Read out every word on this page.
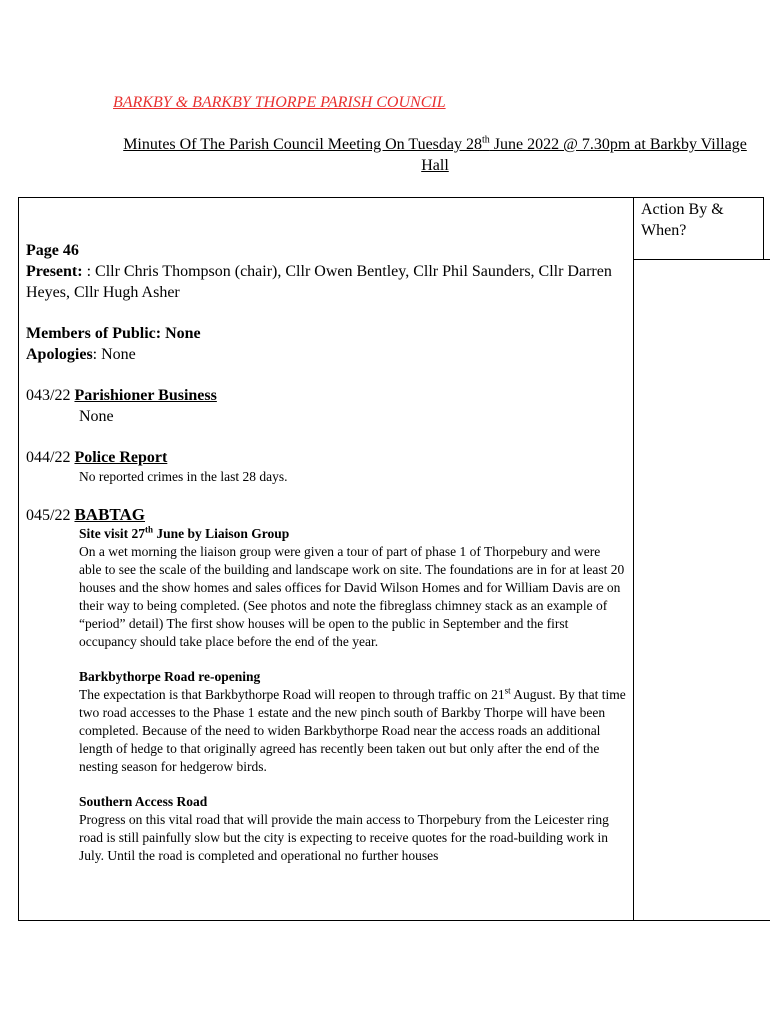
BARKBY & BARKBY THORPE PARISH COUNCIL
Minutes Of The Parish Council Meeting On Tuesday 28th June 2022 @ 7.30pm at Barkby Village Hall
Action By & When?

Page 46

Present: : Cllr Chris Thompson (chair), Cllr Owen Bentley, Cllr Phil Saunders, Cllr Darren Heyes, Cllr Hugh Asher

Members of Public: None

Apologies: None

043/22 Parishioner Business

None

044/22 Police Report

No reported crimes in the last 28 days.

045/22 BABTAG

Site visit 27th June by Liaison Group

On a wet morning the liaison group were given a tour of part of phase 1 of Thorpebury and were able to see the scale of the building and landscape work on site. The foundations are in for at least 20 houses and the show homes and sales offices for David Wilson Homes and for William Davis are on their way to being completed. (See photos and note the fibreglass chimney stack as an example of “period” detail) The first show houses will be open to the public in September and the first occupancy should take place before the end of the year.

Barkbythorpe Road re-opening

The expectation is that Barkbythorpe Road will reopen to through traffic on 21st August. By that time two road accesses to the Phase 1 estate and the new pinch south of Barkby Thorpe will have been completed. Because of the need to widen Barkbythorpe Road near the access roads an additional length of hedge to that originally agreed has recently been taken out but only after the end of the nesting season for hedgerow birds.

Southern Access Road

Progress on this vital road that will provide the main access to Thorpebury from the Leicester ring road is still painfully slow but the city is expecting to receive quotes for the road-building work in July. Until the road is completed and operational no further houses
